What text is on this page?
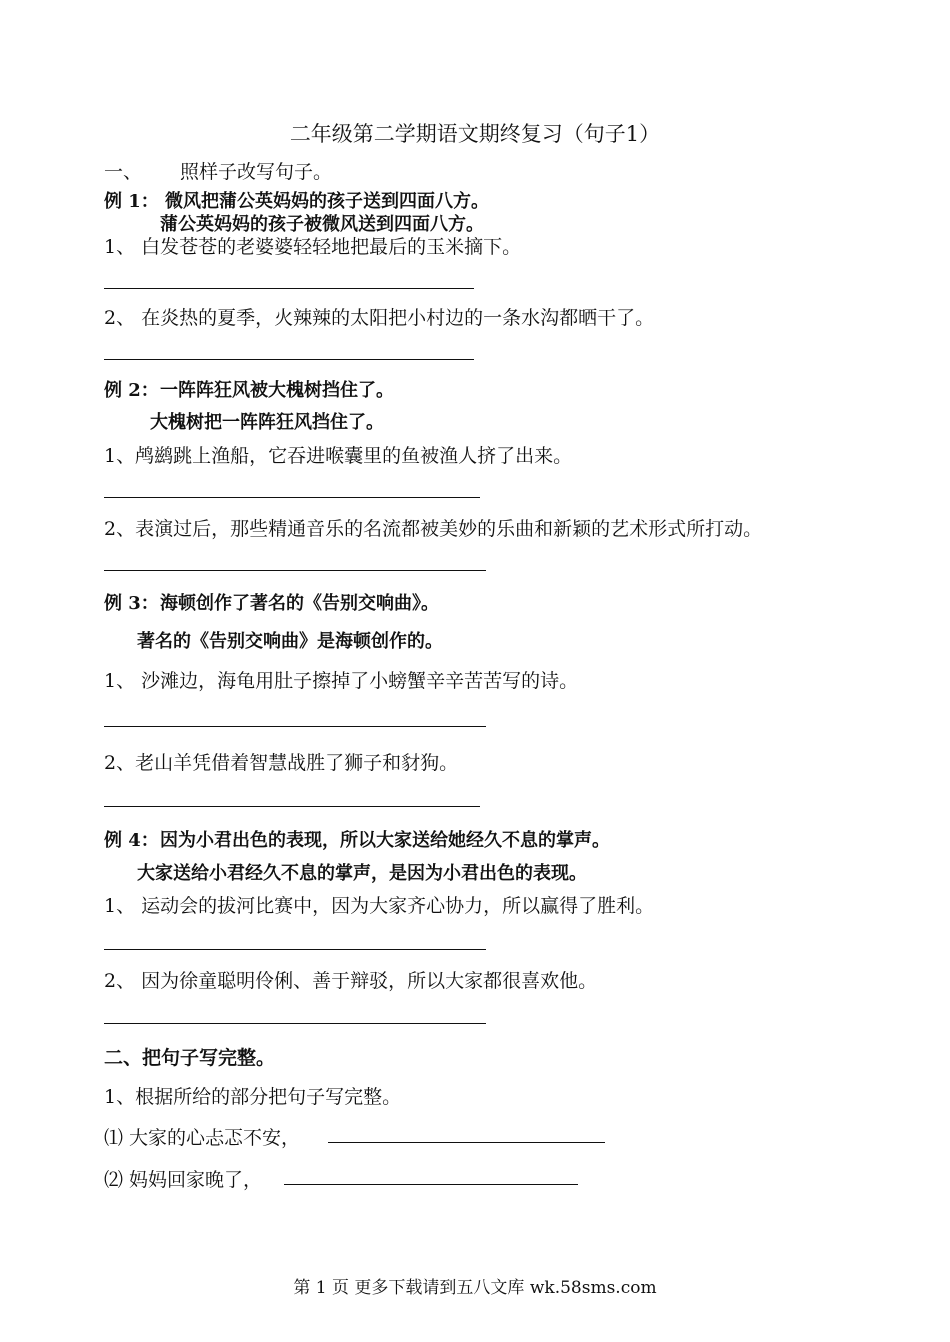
二年级第二学期语文期终复习（句子1）
一、 照样子改写句子。
例 1： 微风把蒲公英妈妈的孩子送到四面八方。
蒲公英妈妈的孩子被微风送到四面八方。
1、 白发苍苍的老婆婆轻轻地把最后的玉米摘下。
2、 在炎热的夏季，火辣辣的太阳把小村边的一条水沟都晒干了。
例 2： 一阵阵狂风被大槐树挡住了。
大槐树把一阵阵狂风挡住了。
1、鸬鹚跳上渔船，它吞进喉囊里的鱼被渔人挤了出来。
2、表演过后，那些精通音乐的名流都被美妙的乐曲和新颖的艺术形式所打动。
例 3： 海顿创作了著名的《告别交响曲》。
著名的《告别交响曲》是海顿创作的。
1、 沙滩边，海龟用肚子擦掉了小螃蟹辛辛苦苦写的诗。
2、老山羊凭借着智慧战胜了狮子和豺狗。
例 4： 因为小君出色的表现，所以大家送给她经久不息的掌声。
大家送给小君经久不息的掌声，是因为小君出色的表现。
1、 运动会的拔河比赛中，因为大家齐心协力，所以赢得了胜利。
2、 因为徐童聪明伶俐、善于辩驳，所以大家都很喜欢他。
二、把句子写完整。
1、根据所给的部分把句子写完整。
⑴ 大家的心忐忑不安，
⑵ 妈妈回家晚了，
第 1 页 更多下载请到五八文库 wk.58sms.com
